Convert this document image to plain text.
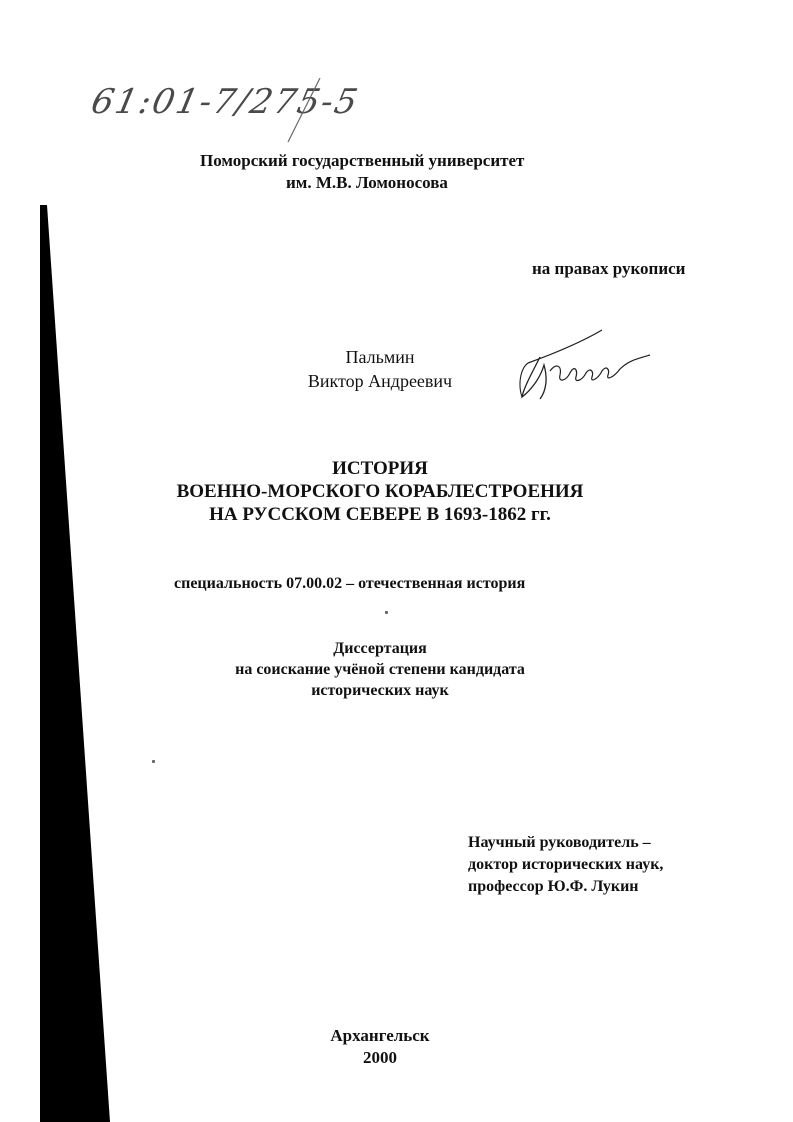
61:01-7/275-5
Поморский государственный университет
им. М.В. Ломоносова
на правах рукописи
Пальмин
Виктор Андреевич
ИСТОРИЯ
ВОЕННО-МОРСКОГО КОРАБЛЕСТРОЕНИЯ
НА РУССКОМ СЕВЕРЕ В 1693-1862 гг.
специальность 07.00.02 – отечественная история
Диссертация
на соискание учёной степени кандидата
исторических наук
Научный руководитель –
доктор исторических наук,
профессор Ю.Ф. Лукин
Архангельск
2000
